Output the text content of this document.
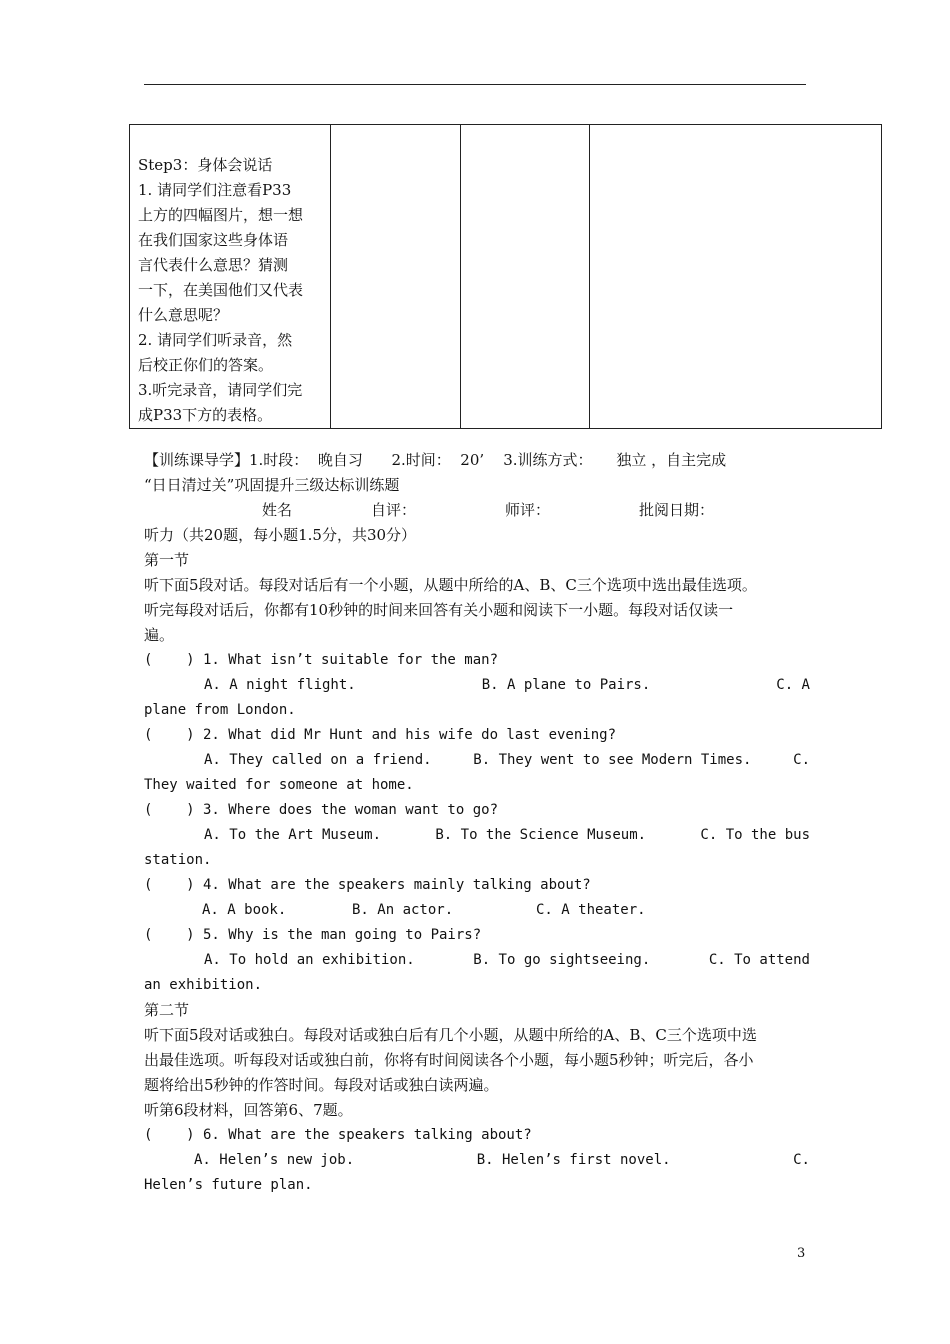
Step3：身体会说话
1. 请同学们注意看P33
上方的四幅图片，想一想
在我们国家这些身体语
言代表什么意思？猜测
一下，在美国他们又代表
什么意思呢？
2. 请同学们听录音，然
后校正你们的答案。
3.听完录音，请同学们完
成P33下方的表格。

【训练课导学】1.时段：  晚自习      2.时间：  20’    3.训练方式：     独立 ，自主完成
“日日清过关”巩固提升三级达标训练题
姓名	自评：	师评：	批阅日期：
听力（共20题，每小题1.5分，共30分）
第一节
听下面5段对话。每段对话后有一个小题，从题中所给的A、B、C三个选项中选出最佳选项。
听完每段对话后，你都有10秒钟的时间来回答有关小题和阅读下一小题。每段对话仅读一
遍。
(    ) 1. What isn’t suitable for the man?
A. A night flight.	B. A plane to Pairs.	C. A
plane from London.
(    ) 2. What did Mr Hunt and his wife do last evening?
A. They called on a friend.	B. They went to see Modern Times.	C.
They waited for someone at home.
(    ) 3. Where does the woman want to go?
A. To the Art Museum.	B. To the Science Museum.	C. To the bus
station.
(    ) 4. What are the speakers mainly talking about?
A. A book.	B. An actor.	C. A theater.
(    ) 5. Why is the man going to Pairs?
A. To hold an exhibition.	B. To go sightseeing.	C. To attend
an exhibition.
第二节
听下面5段对话或独白。每段对话或独白后有几个小题，从题中所给的A、B、C三个选项中选
出最佳选项。听每段对话或独白前，你将有时间阅读各个小题，每小题5秒钟；听完后，各小
题将给出5秒钟的作答时间。每段对话或独白读两遍。
听第6段材料，回答第6、7题。
(    ) 6. What are the speakers talking about?
A. Helen’s new job.	B. Helen’s first novel.	C.
Helen’s future plan.
3
